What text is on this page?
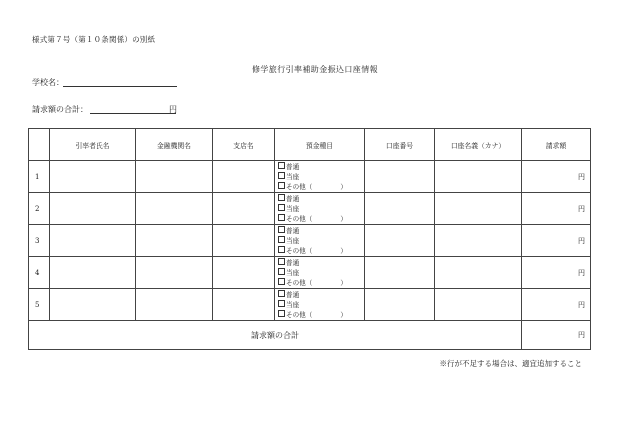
様式第７号（第１０条関係）の別紙
修学旅行引率補助金振込口座情報
学校名：
請求額の合計：	円
	引率者氏名	金融機関名	支店名	預金種目	口座番号	口座名義（カナ）	請求額
1				普通
当座
その他（ ）			円
2				普通
当座
その他（ ）			円
3				普通
当座
その他（ ）			円
4				普通
当座
その他（ ）			円
5				普通
当座
その他（ ）			円
請求額の合計							円
※行が不足する場合は、適宜追加すること
